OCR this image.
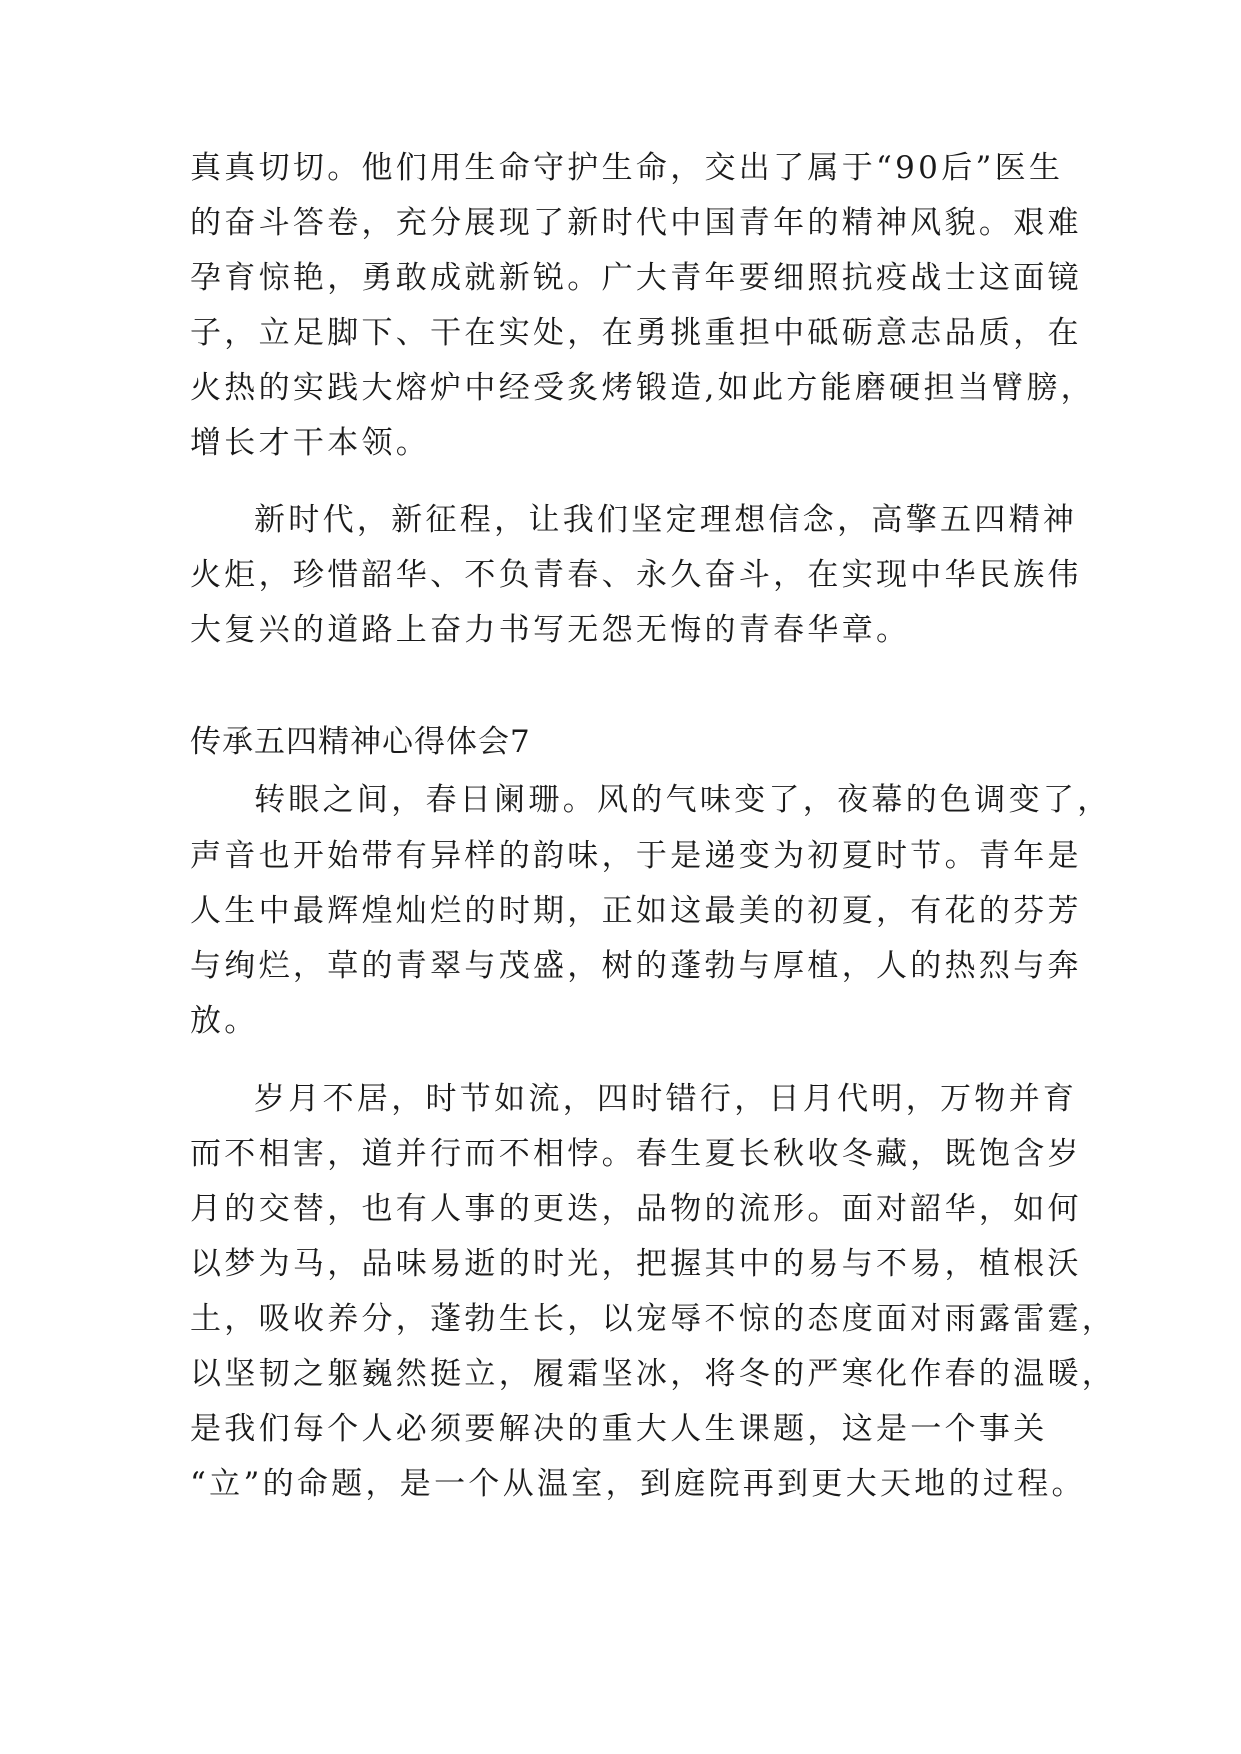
真真切切。他们用生命守护生命，交出了属于“90后”医生
的奋斗答卷，充分展现了新时代中国青年的精神风貌。艰难
孕育惊艳，勇敢成就新锐。广大青年要细照抗疫战士这面镜
子，立足脚下、干在实处，在勇挑重担中砥砺意志品质，在
火热的实践大熔炉中经受炙烤锻造,如此方能磨硬担当臂膀，
增长才干本领。
新时代，新征程，让我们坚定理想信念，高擎五四精神
火炬，珍惜韶华、不负青春、永久奋斗，在实现中华民族伟
大复兴的道路上奋力书写无怨无悔的青春华章。
传承五四精神心得体会7
转眼之间，春日阑珊。风的气味变了，夜幕的色调变了，
声音也开始带有异样的韵味，于是递变为初夏时节。青年是
人生中最辉煌灿烂的时期，正如这最美的初夏，有花的芬芳
与绚烂，草的青翠与茂盛，树的蓬勃与厚植，人的热烈与奔
放。
岁月不居，时节如流，四时错行，日月代明，万物并育
而不相害，道并行而不相悖。春生夏长秋收冬藏，既饱含岁
月的交替，也有人事的更迭，品物的流形。面对韶华，如何
以梦为马，品味易逝的时光，把握其中的易与不易，植根沃
土，吸收养分，蓬勃生长，以宠辱不惊的态度面对雨露雷霆，
以坚韧之躯巍然挺立，履霜坚冰，将冬的严寒化作春的温暖，
是我们每个人必须要解决的重大人生课题，这是一个事关
“立”的命题，是一个从温室，到庭院再到更大天地的过程。
